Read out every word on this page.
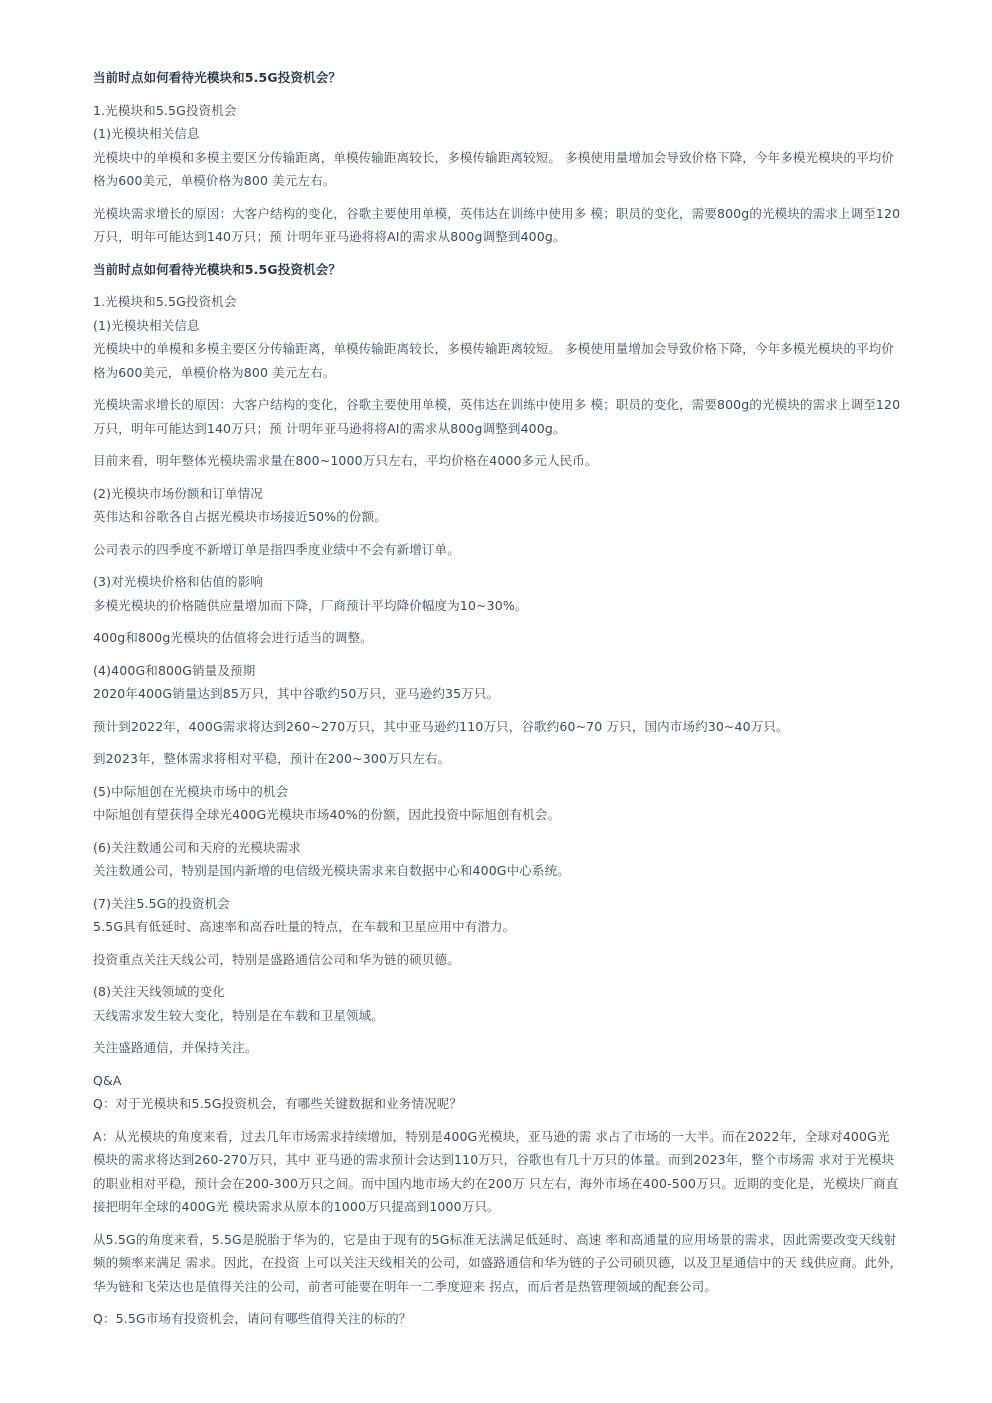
当前时点如何看待光模块和5.5G投资机会？
1.光模块和5.5G投资机会
(1)光模块相关信息
光模块中的单模和多模主要区分传输距离，单模传输距离较长，多模传输距离较短。 多模使用量增加会导致价格下降，今年多模光模块的平均价
格为600美元，单模价格为800 美元左右。
光模块需求增长的原因：大客户结构的变化，谷歌主要使用单模，英伟达在训练中使用多 模；职员的变化，需要800g的光模块的需求上调至120
万只，明年可能达到140万只；预 计明年亚马逊将将AI的需求从800g调整到400g。
当前时点如何看待光模块和5.5G投资机会？
1.光模块和5.5G投资机会
(1)光模块相关信息
光模块中的单模和多模主要区分传输距离，单模传输距离较长，多模传输距离较短。 多模使用量增加会导致价格下降，今年多模光模块的平均价
格为600美元，单模价格为800 美元左右。
光模块需求增长的原因：大客户结构的变化，谷歌主要使用单模，英伟达在训练中使用多 模；职员的变化，需要800g的光模块的需求上调至120
万只，明年可能达到140万只；预 计明年亚马逊将将AI的需求从800g调整到400g。
目前来看，明年整体光模块需求量在800~1000万只左右，平均价格在4000多元人民币。
(2)光模块市场份额和订单情况
英伟达和谷歌各自占据光模块市场接近50%的份额。
公司表示的四季度不新增订单是指四季度业绩中不会有新增订单。
(3)对光模块价格和估值的影响
多模光模块的价格随供应量增加而下降，厂商预计平均降价幅度为10~30%。
400g和800g光模块的估值将会进行适当的调整。
(4)400G和800G销量及预期
2020年400G销量达到85万只，其中谷歌约50万只，亚马逊约35万只。
预计到2022年，400G需求将达到260~270万只，其中亚马逊约110万只，谷歌约60~70 万只，国内市场约30~40万只。
到2023年，整体需求将相对平稳，预计在200~300万只左右。
(5)中际旭创在光模块市场中的机会
中际旭创有望获得全球光400G光模块市场40%的份额，因此投资中际旭创有机会。
(6)关注数通公司和天府的光模块需求
关注数通公司，特别是国内新增的电信级光模块需求来自数据中心和400G中心系统。
(7)关注5.5G的投资机会
5.5G具有低延时、高速率和高吞吐量的特点，在车载和卫星应用中有潜力。
投资重点关注天线公司，特别是盛路通信公司和华为链的硕贝德。
(8)关注天线领域的变化
天线需求发生较大变化，特别是在车载和卫星领域。
关注盛路通信，并保持关注。
Q&A
Q：对于光模块和5.5G投资机会，有哪些关键数据和业务情况呢？
A：从光模块的角度来看，过去几年市场需求持续增加，特别是400G光模块，亚马逊的需 求占了市场的一大半。而在2022年，全球对400G光
模块的需求将达到260-270万只，其中 亚马逊的需求预计会达到110万只，谷歌也有几十万只的体量。而到2023年，整个市场需 求对于光模块
的职业相对平稳，预计会在200-300万只之间。而中国内地市场大约在200万 只左右，海外市场在400-500万只。近期的变化是，光模块厂商直
接把明年全球的400G光 模块需求从原本的1000万只提高到1000万只。
从5.5G的角度来看，5.5G是脱胎于华为的，它是由于现有的5G标准无法满足低延时、高速 率和高通量的应用场景的需求，因此需要改变天线射
频的频率来满足 需求。因此，在投资 上可以关注天线相关的公司，如盛路通信和华为链的子公司硕贝德，以及卫星通信中的天 线供应商。此外，
华为链和飞荣达也是值得关注的公司，前者可能要在明年一二季度迎来 拐点，而后者是热管理领域的配套公司。
Q：5.5G市场有投资机会，请问有哪些值得关注的标的？
